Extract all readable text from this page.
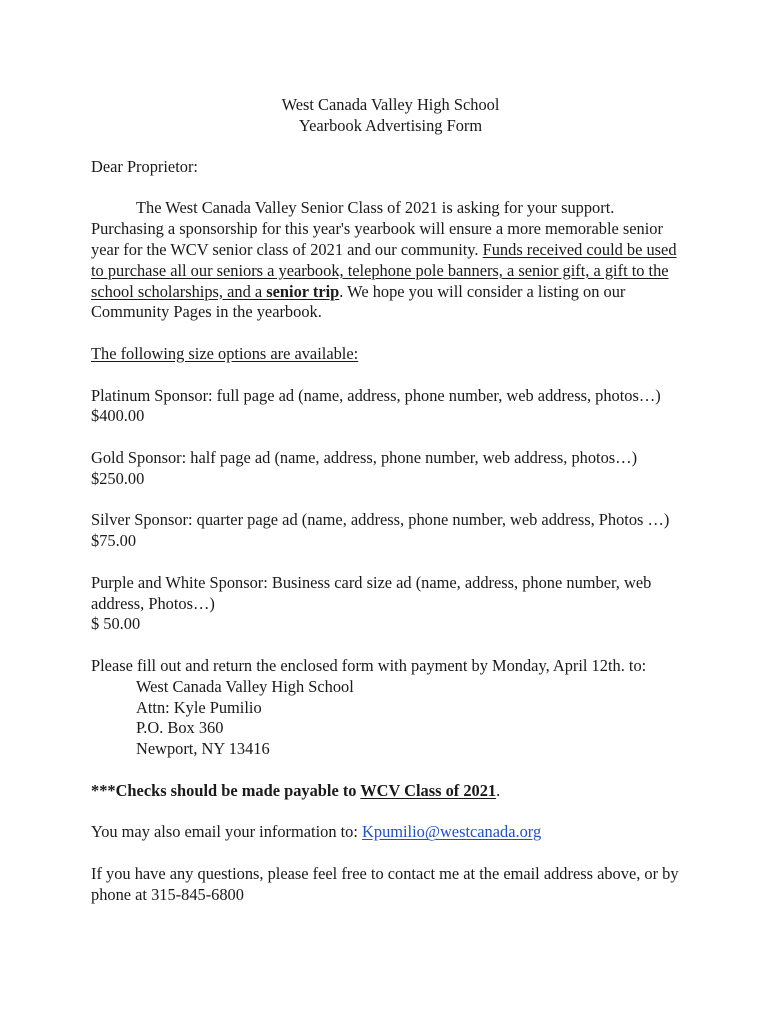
West Canada Valley High School
Yearbook Advertising Form

Dear Proprietor:

The West Canada Valley Senior Class of 2021 is asking for your support. Purchasing a sponsorship for this year's yearbook will ensure a more memorable senior year for the WCV senior class of 2021 and our community. Funds received could be used to purchase all our seniors a yearbook, telephone pole banners, a senior gift, a gift to the school scholarships, and a senior trip. We hope you will consider a listing on our Community Pages in the yearbook.

The following size options are available:

Platinum Sponsor: full page ad (name, address, phone number, web address, photos…) $400.00

Gold Sponsor: half page ad (name, address, phone number, web address, photos…) $250.00

Silver Sponsor: quarter page ad (name, address, phone number, web address, Photos …) $75.00

Purple and White Sponsor: Business card size ad (name, address, phone number, web address, Photos…)

$ 50.00

Please fill out and return the enclosed form with payment by Monday, April 12th. to:

West Canada Valley High School
Attn: Kyle Pumilio
P.O. Box 360
Newport, NY 13416

***Checks should be made payable to WCV Class of 2021.

You may also email your information to: Kpumilio@westcanada.org

If you have any questions, please feel free to contact me at the email address above, or by phone at 315-845-6800
